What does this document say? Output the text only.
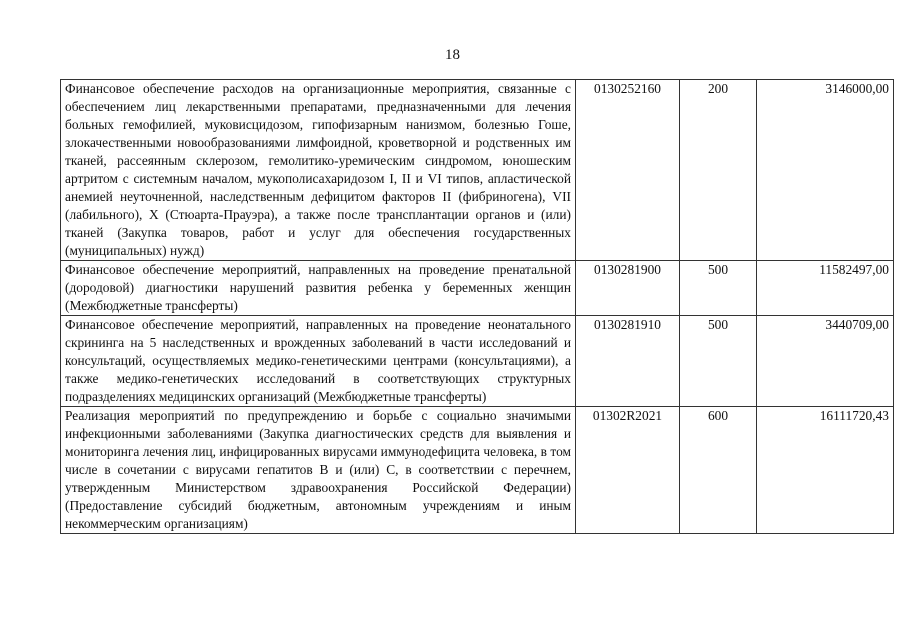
18
Финансовое обеспечение расходов на организационные мероприятия, связанные с обеспечением лиц лекарственными препаратами, предназначенными для лечения больных гемофилией, муковисцидозом, гипофизарным нанизмом, болезнью Гоше, злокачественными новообразованиями лимфоидной, кроветворной и родственных им тканей, рассеянным склерозом, гемолитико-уремическим синдромом, юношеским артритом с системным началом, мукополисахаридозом I, II и VI типов, апластической анемией неуточненной, наследственным дефицитом факторов II (фибриногена), VII (лабильного), X (Стюарта-Прауэра), а также после трансплантации органов и (или) тканей (Закупка товаров, работ и услуг для обеспечения государственных (муниципальных) нужд)	0130252160	200	3146000,00
Финансовое обеспечение мероприятий, направленных на проведение пренатальной (дородовой) диагностики нарушений развития ребенка у беременных женщин (Межбюджетные трансферты)	0130281900	500	11582497,00
Финансовое обеспечение мероприятий, направленных на проведение неонатального скрининга на 5 наследственных и врожденных заболеваний в части исследований и консультаций, осуществляемых медико-генетическими центрами (консультациями), а также медико-генетических исследований в соответствующих структурных подразделениях медицинских организаций (Межбюджетные трансферты)	0130281910	500	3440709,00
Реализация мероприятий по предупреждению и борьбе с социально значимыми инфекционными заболеваниями (Закупка диагностических средств для выявления и мониторинга лечения лиц, инфицированных вирусами иммунодефицита человека, в том числе в сочетании с вирусами гепатитов B и (или) C, в соответствии с перечнем, утвержденным Министерством здравоохранения Российской Федерации) (Предоставление субсидий бюджетным, автономным учреждениям и иным некоммерческим организациям)	01302R2021	600	16111720,43
